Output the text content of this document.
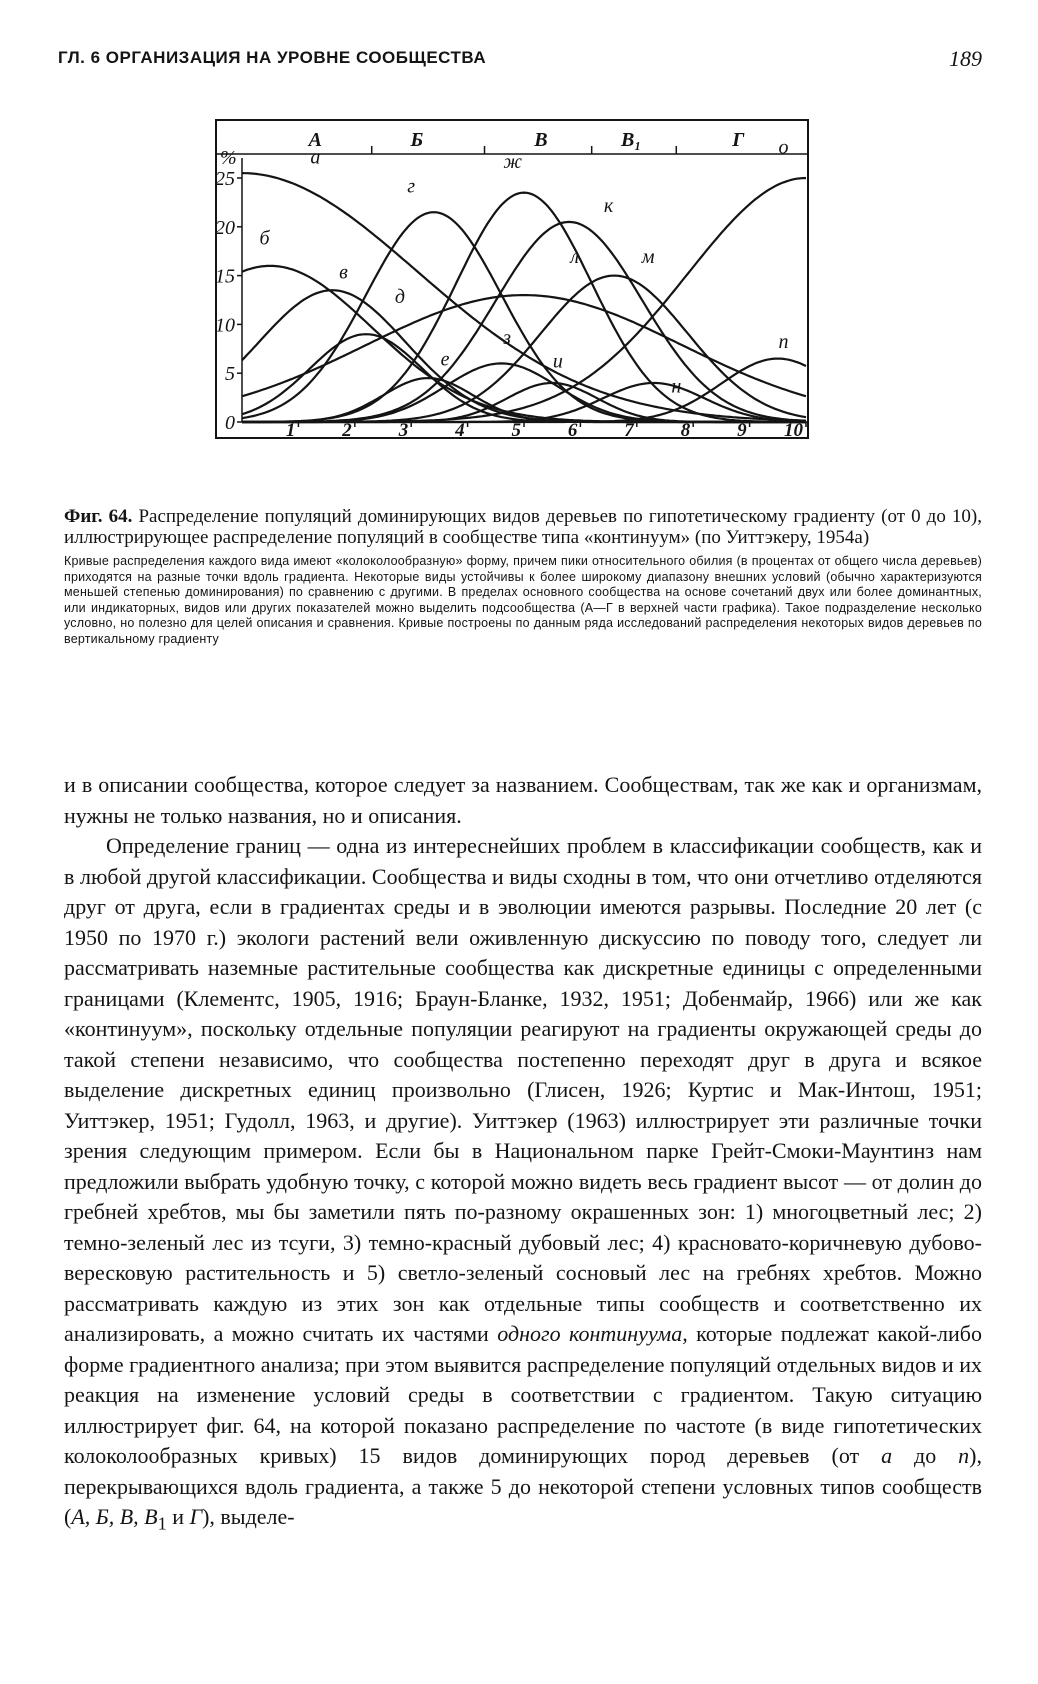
ГЛ. 6 ОРГАНИЗАЦИЯ НА УРОВНЕ СООБЩЕСТВА	189
А	Б	В	В₁	Г
0
5
10
15
20
25
%
1 2 3 4 5 6 7 8 9 10
а
б
в
г
д
е
ж
з
и
к
л	м
н
о
п
Фиг. 64. Распределение популяций доминирующих видов деревьев по гипотетическому градиенту (от 0 до 10), иллюстрирующее распределение популяций в сообществе типа «континуум» (по Уиттэкеру, 1954а)
Кривые распределения каждого вида имеют «колоколообразную» форму, причем пики относительного обилия (в процентах от общего числа деревьев) приходятся на разные точки вдоль градиента. Некоторые виды устойчивы к более широкому диапазону внешних условий (обычно характеризуются меньшей степенью доминирования) по сравнению с другими. В пределах основного сообщества на основе сочетаний двух или более доминантных, или индикаторных, видов или других показателей можно выделить подсообщества (А—Г в верхней части графика). Такое подразделение несколько условно, но полезно для целей описания и сравнения. Кривые построены по данным ряда исследований распределения некоторых видов деревьев по вертикальному градиенту

и в описании сообщества, которое следует за названием. Сообществам, так же как и организмам, нужны не только названия, но и описания.

Определение границ — одна из интереснейших проблем в классификации сообществ, как и в любой другой классификации. Сообщества и виды сходны в том, что они отчетливо отделяются друг от друга, если в градиентах среды и в эволюции имеются разрывы. Последние 20 лет (с 1950 по 1970 г.) экологи растений вели оживленную дискуссию по поводу того, следует ли рассматривать наземные растительные сообщества как дискретные единицы с определенными границами (Клементс, 1905, 1916; Браун-Бланке, 1932, 1951; Добенмайр, 1966) или же как «континуум», поскольку отдельные популяции реагируют на градиенты окружающей среды до такой степени независимо, что сообщества постепенно переходят друг в друга и всякое выделение дискретных единиц произвольно (Глисен, 1926; Куртис и Мак-Интош, 1951; Уиттэкер, 1951; Гудолл, 1963, и другие). Уиттэкер (1963) иллюстрирует эти различные точки зрения следующим примером. Если бы в Национальном парке Грейт-Смоки-Маунтинз нам предложили выбрать удобную точку, с которой можно видеть весь градиент высот — от долин до гребней хребтов, мы бы заметили пять по-разному окрашенных зон: 1) многоцветный лес; 2) темно-зеленый лес из тсуги, 3) темно-красный дубовый лес; 4) красновато-коричневую дубово-вересковую растительность и 5) светло-зеленый сосновый лес на гребнях хребтов. Можно рассматривать каждую из этих зон как отдельные типы сообществ и соответственно их анализировать, а можно считать их частями одного континуума, которые подлежат какой-либо форме градиентного анализа; при этом выявится распределение популяций отдельных видов и их реакция на изменение условий среды в соответствии с градиентом. Такую ситуацию иллюстрирует фиг. 64, на которой показано распределение по частоте (в виде гипотетических колоколообразных кривых) 15 видов доминирующих пород деревьев (от а до п), перекрывающихся вдоль градиента, а также 5 до некоторой степени условных типов сообществ (А, Б, В, $В_1$ и Г), выделе-
